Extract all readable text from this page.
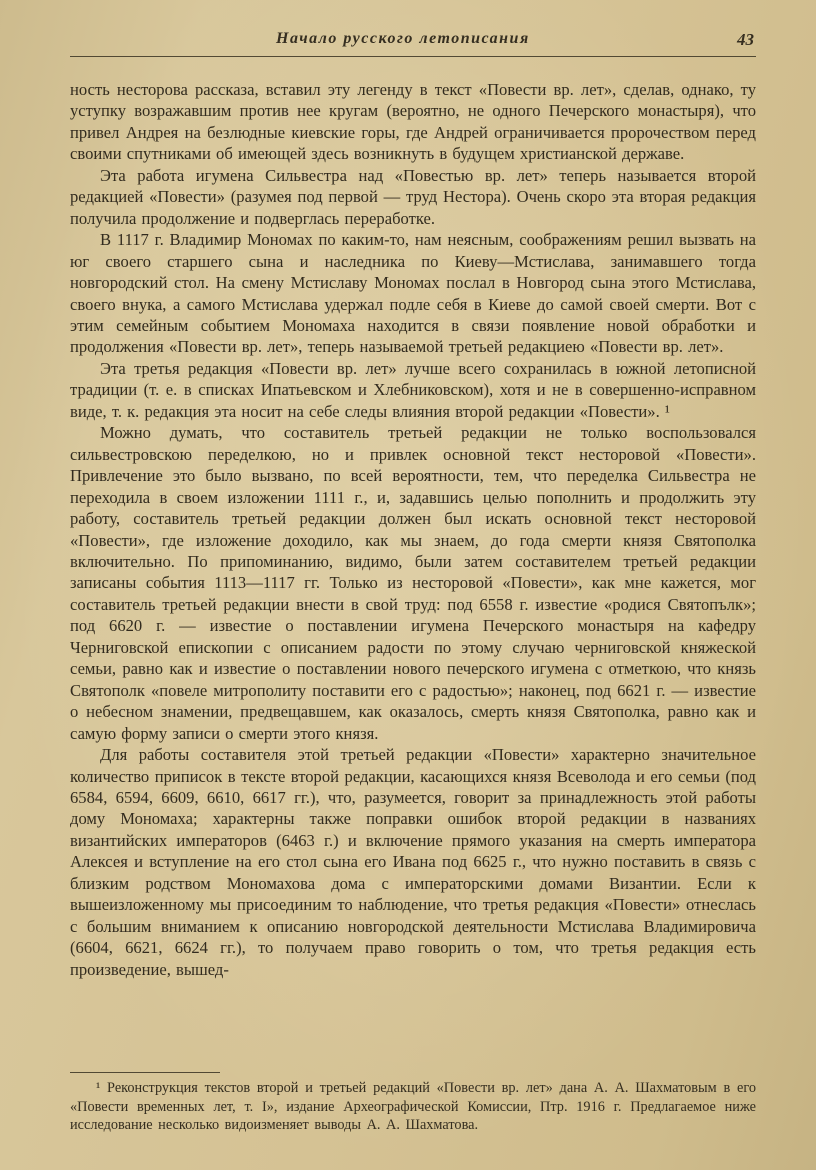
Начало русского летописания	43

ность несторова рассказа, вставил эту легенду в текст «Повести вр. лет», сделав, однако, ту уступку возражавшим против нее кругам (вероятно, не одного Печерского монастыря), что привел Андрея на безлюдные киевские горы, где Андрей ограничивается пророчеством перед своими спутниками об имеющей здесь возникнуть в будущем христианской державе.

Эта работа игумена Сильвестра над «Повестью вр. лет» теперь называется второй редакцией «Повести» (разумея под первой — труд Нестора). Очень скоро эта вторая редакция получила продолжение и подверглась переработке.

В 1117 г. Владимир Мономах по каким-то, нам неясным, соображениям решил вызвать на юг своего старшего сына и наследника по Киеву—Мстислава, занимавшего тогда новгородский стол. На смену Мстиславу Мономах послал в Новгород сына этого Мстислава, своего внука, а самого Мстислава удержал подле себя в Киеве до самой своей смерти. Вот с этим семейным событием Мономаха находится в связи появление новой обработки и продолжения «Повести вр. лет», теперь называемой третьей редакциею «Повести вр. лет».

Эта третья редакция «Повести вр. лет» лучше всего сохранилась в южной летописной традиции (т. е. в списках Ипатьевском и Хлебниковском), хотя и не в совершенно-исправном виде, т. к. редакция эта носит на себе следы влияния второй редакции «Повести». ¹

Можно думать, что составитель третьей редакции не только воспользовался сильвестровскою переделкою, но и привлек основной текст несторовой «Повести». Привлечение это было вызвано, по всей вероятности, тем, что переделка Сильвестра не переходила в своем изложении 1111 г., и, задавшись целью пополнить и продолжить эту работу, составитель третьей редакции должен был искать основной текст несторовой «Повести», где изложение доходило, как мы знаем, до года смерти князя Святополка включительно. По припоминанию, видимо, были затем составителем третьей редакции записаны события 1113—1117 гг. Только из несторовой «Повести», как мне кажется, мог составитель третьей редакции внести в свой труд: под 6558 г. известие «родися Святопълк»; под 6620 г. — известие о поставлении игумена Печерского монастыря на кафедру Черниговской епископии с описанием радости по этому случаю черниговской княжеской семьи, равно как и известие о поставлении нового печерского игумена с отметкою, что князь Святополк «повеле митрополиту поставити его с радостью»; наконец, под 6621 г. — известие о небесном знамении, предвещавшем, как оказалось, смерть князя Святополка, равно как и самую форму записи о смерти этого князя.

Для работы составителя этой третьей редакции «Повести» характерно значительное количество приписок в тексте второй редакции, касающихся князя Всеволода и его семьи (под 6584, 6594, 6609, 6610, 6617 гг.), что, разумеется, говорит за принадлежность этой работы дому Мономаха; характерны также поправки ошибок второй редакции в названиях византийских императоров (6463 г.) и включение прямого указания на смерть императора Алексея и вступление на его стол сына его Ивана под 6625 г., что нужно поставить в связь с близким родством Мономахова дома с императорскими домами Византии. Если к вышеизложенному мы присоединим то наблюдение, что третья редакция «Повести» отнеслась с большим вниманием к описанию новгородской деятельности Мстислава Владимировича (6604, 6621, 6624 гг.), то получаем право говорить о том, что третья редакция есть произведение, вышед-

¹ Реконструкция текстов второй и третьей редакций «Повести вр. лет» дана А. А. Шахматовым в его «Повести временных лет, т. I», издание Археографической Комиссии, Птр. 1916 г. Предлагаемое ниже исследование несколько видоизменяет выводы А. А. Шахматова.
